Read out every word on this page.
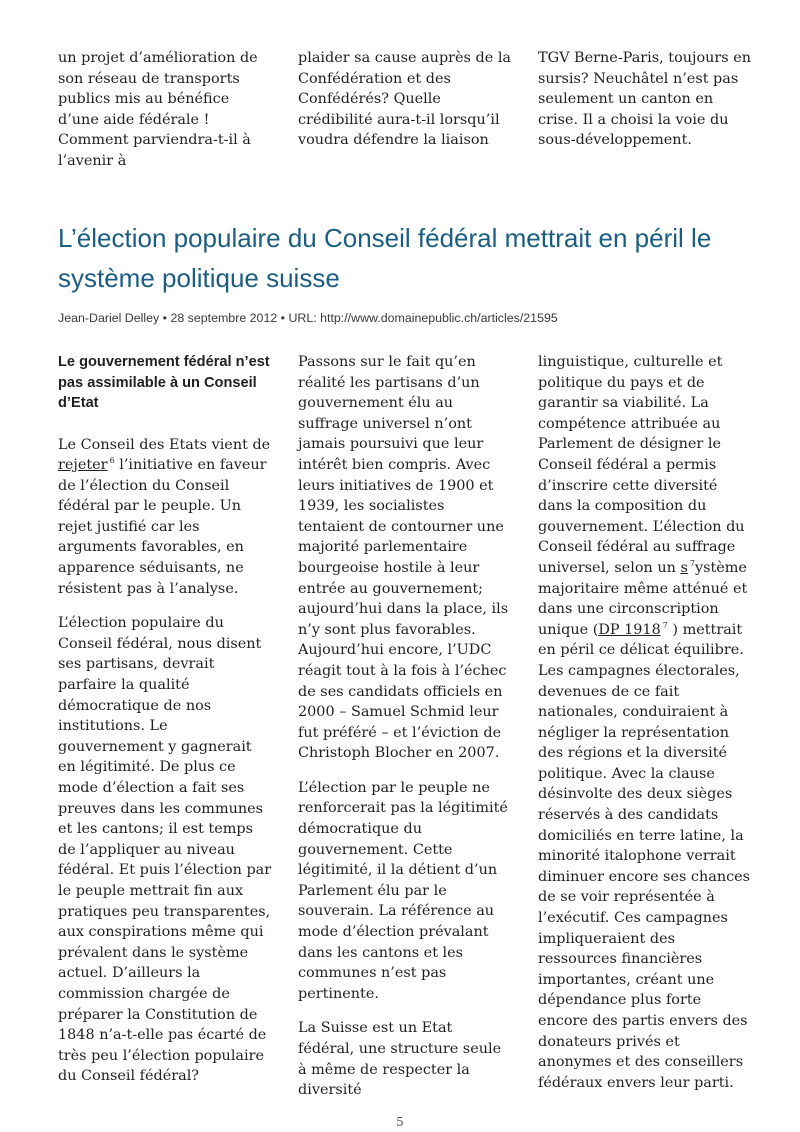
un projet d’amélioration de son réseau de transports publics mis au bénéfice d’une aide fédérale ! Comment parviendra-t-il à l’avenir à

plaider sa cause auprès de la Confédération et des Confédérés? Quelle crédibilité aura-t-il lorsqu’il voudra défendre la liaison

TGV Berne-Paris, toujours en sursis? Neuchâtel n’est pas seulement un canton en crise. Il a choisi la voie du sous-développement.

L’élection populaire du Conseil fédéral mettrait en péril le système politique suisse
Jean-Dariel Delley • 28 septembre 2012 • URL: http://www.domainepublic.ch/articles/21595
Le gouvernement fédéral n’est pas assimilable à un Conseil d’Etat

Le Conseil des Etats vient de rejeter $^6$ l’initiative en faveur de l’élection du Conseil fédéral par le peuple. Un rejet justifié car les arguments favorables, en apparence séduisants, ne résistent pas à l’analyse.

L’élection populaire du Conseil fédéral, nous disent ses partisans, devrait parfaire la qualité démocratique de nos institutions. Le gouvernement y gagnerait en légitimité. De plus ce mode d’élection a fait ses preuves dans les communes et les cantons; il est temps de l’appliquer au niveau fédéral. Et puis l’élection par le peuple mettrait fin aux pratiques peu transparentes, aux conspirations même qui prévalent dans le système actuel. D’ailleurs la commission chargée de préparer la Constitution de 1848 n’a-t-elle pas écarté de très peu l’élection populaire du Conseil fédéral?

Passons sur le fait qu’en réalité les partisans d’un gouvernement élu au suffrage universel n’ont jamais poursuivi que leur intérêt bien compris. Avec leurs initiatives de 1900 et 1939, les socialistes tentaient de contourner une majorité parlementaire bourgeoise hostile à leur entrée au gouvernement; aujourd’hui dans la place, ils n’y sont plus favorables. Aujourd’hui encore, l’UDC réagit tout à la fois à l’échec de ses candidats officiels en 2000 – Samuel Schmid leur fut préféré – et l’éviction de Christoph Blocher en 2007.

L’élection par le peuple ne renforcerait pas la légitimité démocratique du gouvernement. Cette légitimité, il la détient d’un Parlement élu par le souverain. La référence au mode d’élection prévalant dans les cantons et les communes n’est pas pertinente.

La Suisse est un Etat fédéral, une structure seule à même de respecter la diversité

linguistique, culturelle et politique du pays et de garantir sa viabilité. La compétence attribuée au Parlement de désigner le Conseil fédéral a permis d’inscrire cette diversité dans la composition du gouvernement. L’élection du Conseil fédéral au suffrage universel, selon un s $^7$ystème majoritaire même atténué et dans une circonscription unique (DP 1918 $^7$ ) mettrait en péril ce délicat équilibre. Les campagnes électorales, devenues de ce fait nationales, conduiraient à négliger la représentation des régions et la diversité politique. Avec la clause désinvolte des deux sièges réservés à des candidats domiciliés en terre latine, la minorité italophone verrait diminuer encore ses chances de se voir représentée à l’exécutif. Ces campagnes impliqueraient des ressources financières importantes, créant une dépendance plus forte encore des partis envers des donateurs privés et anonymes et des conseillers fédéraux envers leur parti.

5
